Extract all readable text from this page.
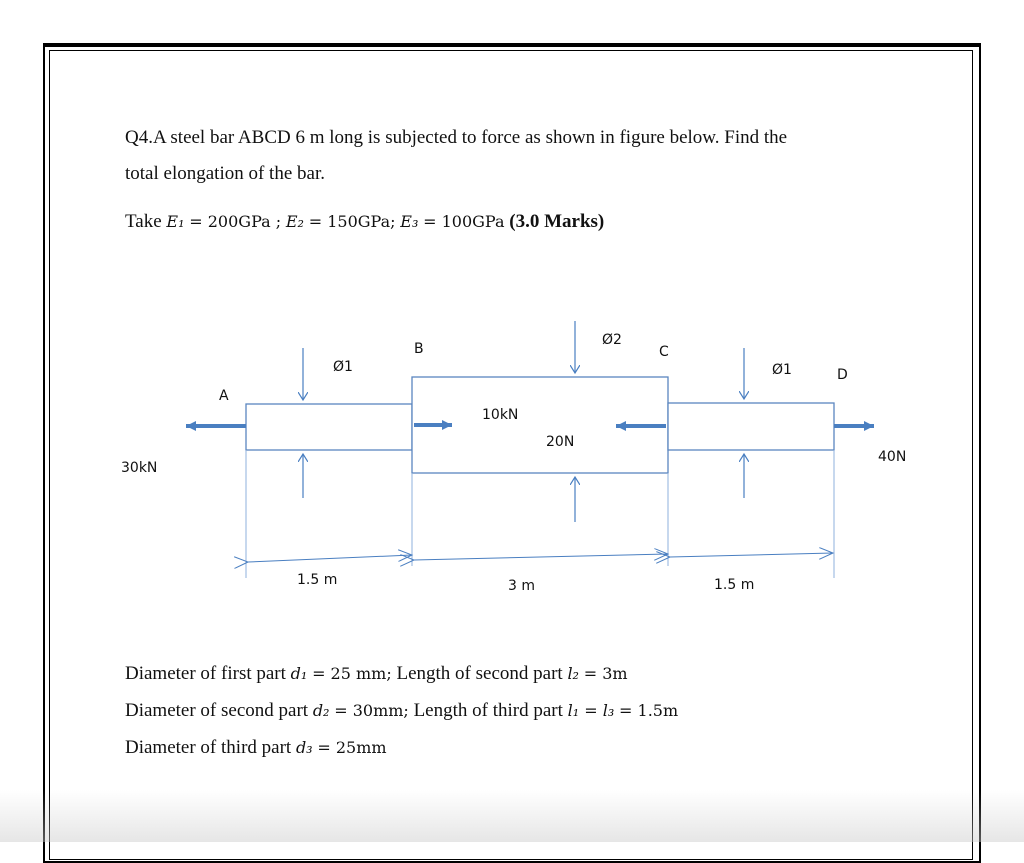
Q4.A steel bar ABCD 6 m long is subjected to force as shown in figure below. Find the
total elongation of the bar.
Take E₁ = 200GPa ; E₂ = 150GPa; E₃ = 100GPa (3.0 Marks)
A
B	C
D
Ø1
Ø2
Ø1
30kN
10kN
20N
40N
1.5 m	3 m	1.5 m
Diameter of first part d₁ = 25 mm; Length of second part l₂ = 3m
Diameter of second part d₂ = 30mm; Length of third part l₁ = l₃ = 1.5m
Diameter of third part d₃ = 25mm
